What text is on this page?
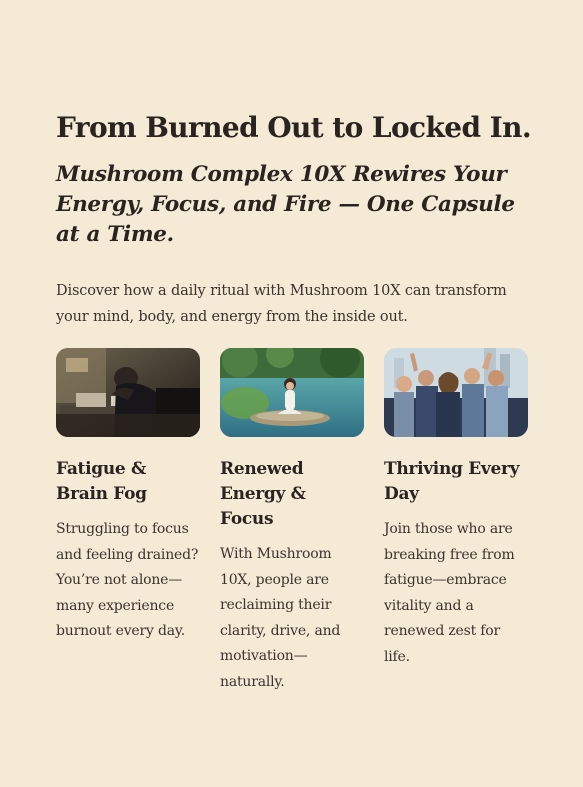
From Burned Out to Locked In.
Mushroom Complex 10X Rewires Your Energy, Focus, and Fire — One Capsule at a Time.

Discover how a daily ritual with Mushroom 10X can transform your mind, body, and energy from the inside out.

Fatigue & Brain Fog

Struggling to focus and feeling drained? You’re not alone—many experience burnout every day.

Renewed Energy & Focus

With Mushroom 10X, people are reclaiming their clarity, drive, and motivation—naturally.

Thriving Every Day

Join those who are breaking free from fatigue—embrace vitality and a renewed zest for life.
